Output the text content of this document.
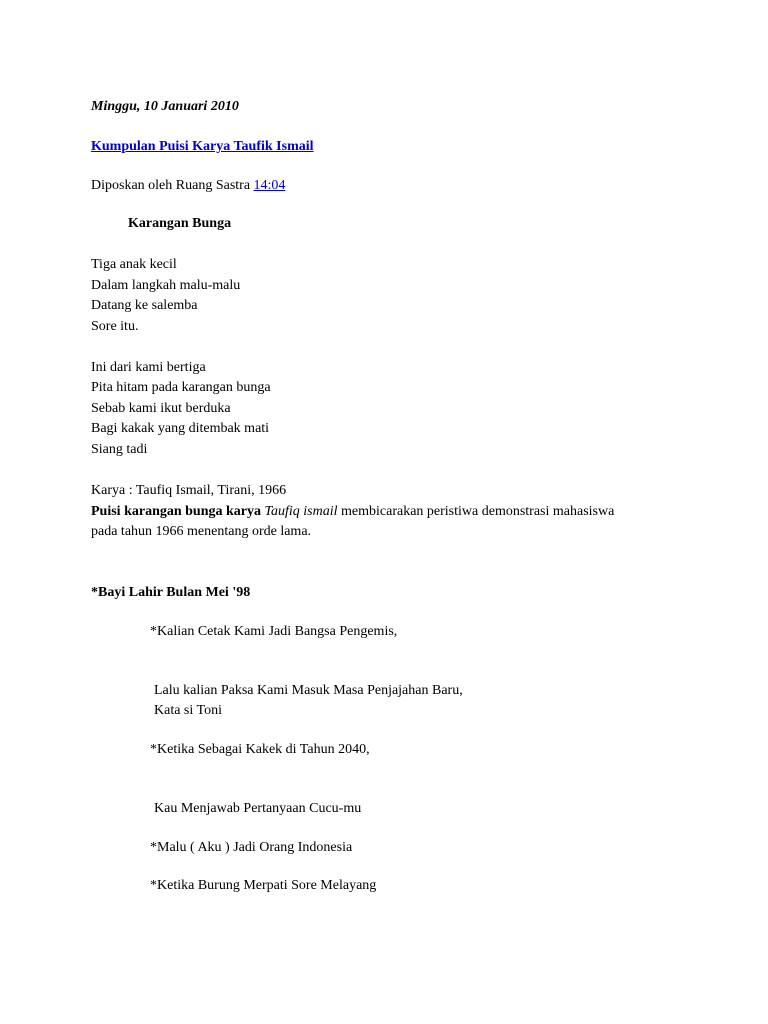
Minggu, 10 Januari 2010

Kumpulan Puisi Karya Taufik Ismail

Diposkan oleh Ruang Sastra 14:04

Karangan Bunga

Tiga anak kecil

Dalam langkah malu-malu

Datang ke salemba

Sore itu.

Ini dari kami bertiga

Pita hitam pada karangan bunga

Sebab kami ikut berduka

Bagi kakak yang ditembak mati

Siang tadi

Karya : Taufiq Ismail, Tirani, 1966

Puisi karangan bunga karya Taufiq ismail membicarakan peristiwa demonstrasi mahasiswa

pada tahun 1966 menentang orde lama.

*Bayi Lahir Bulan Mei '98

*Kalian Cetak Kami Jadi Bangsa Pengemis,

Lalu kalian Paksa Kami Masuk Masa Penjajahan Baru,

Kata si Toni

*Ketika Sebagai Kakek di Tahun 2040,

Kau Menjawab Pertanyaan Cucu-mu

*Malu ( Aku ) Jadi Orang Indonesia

*Ketika Burung Merpati Sore Melayang
